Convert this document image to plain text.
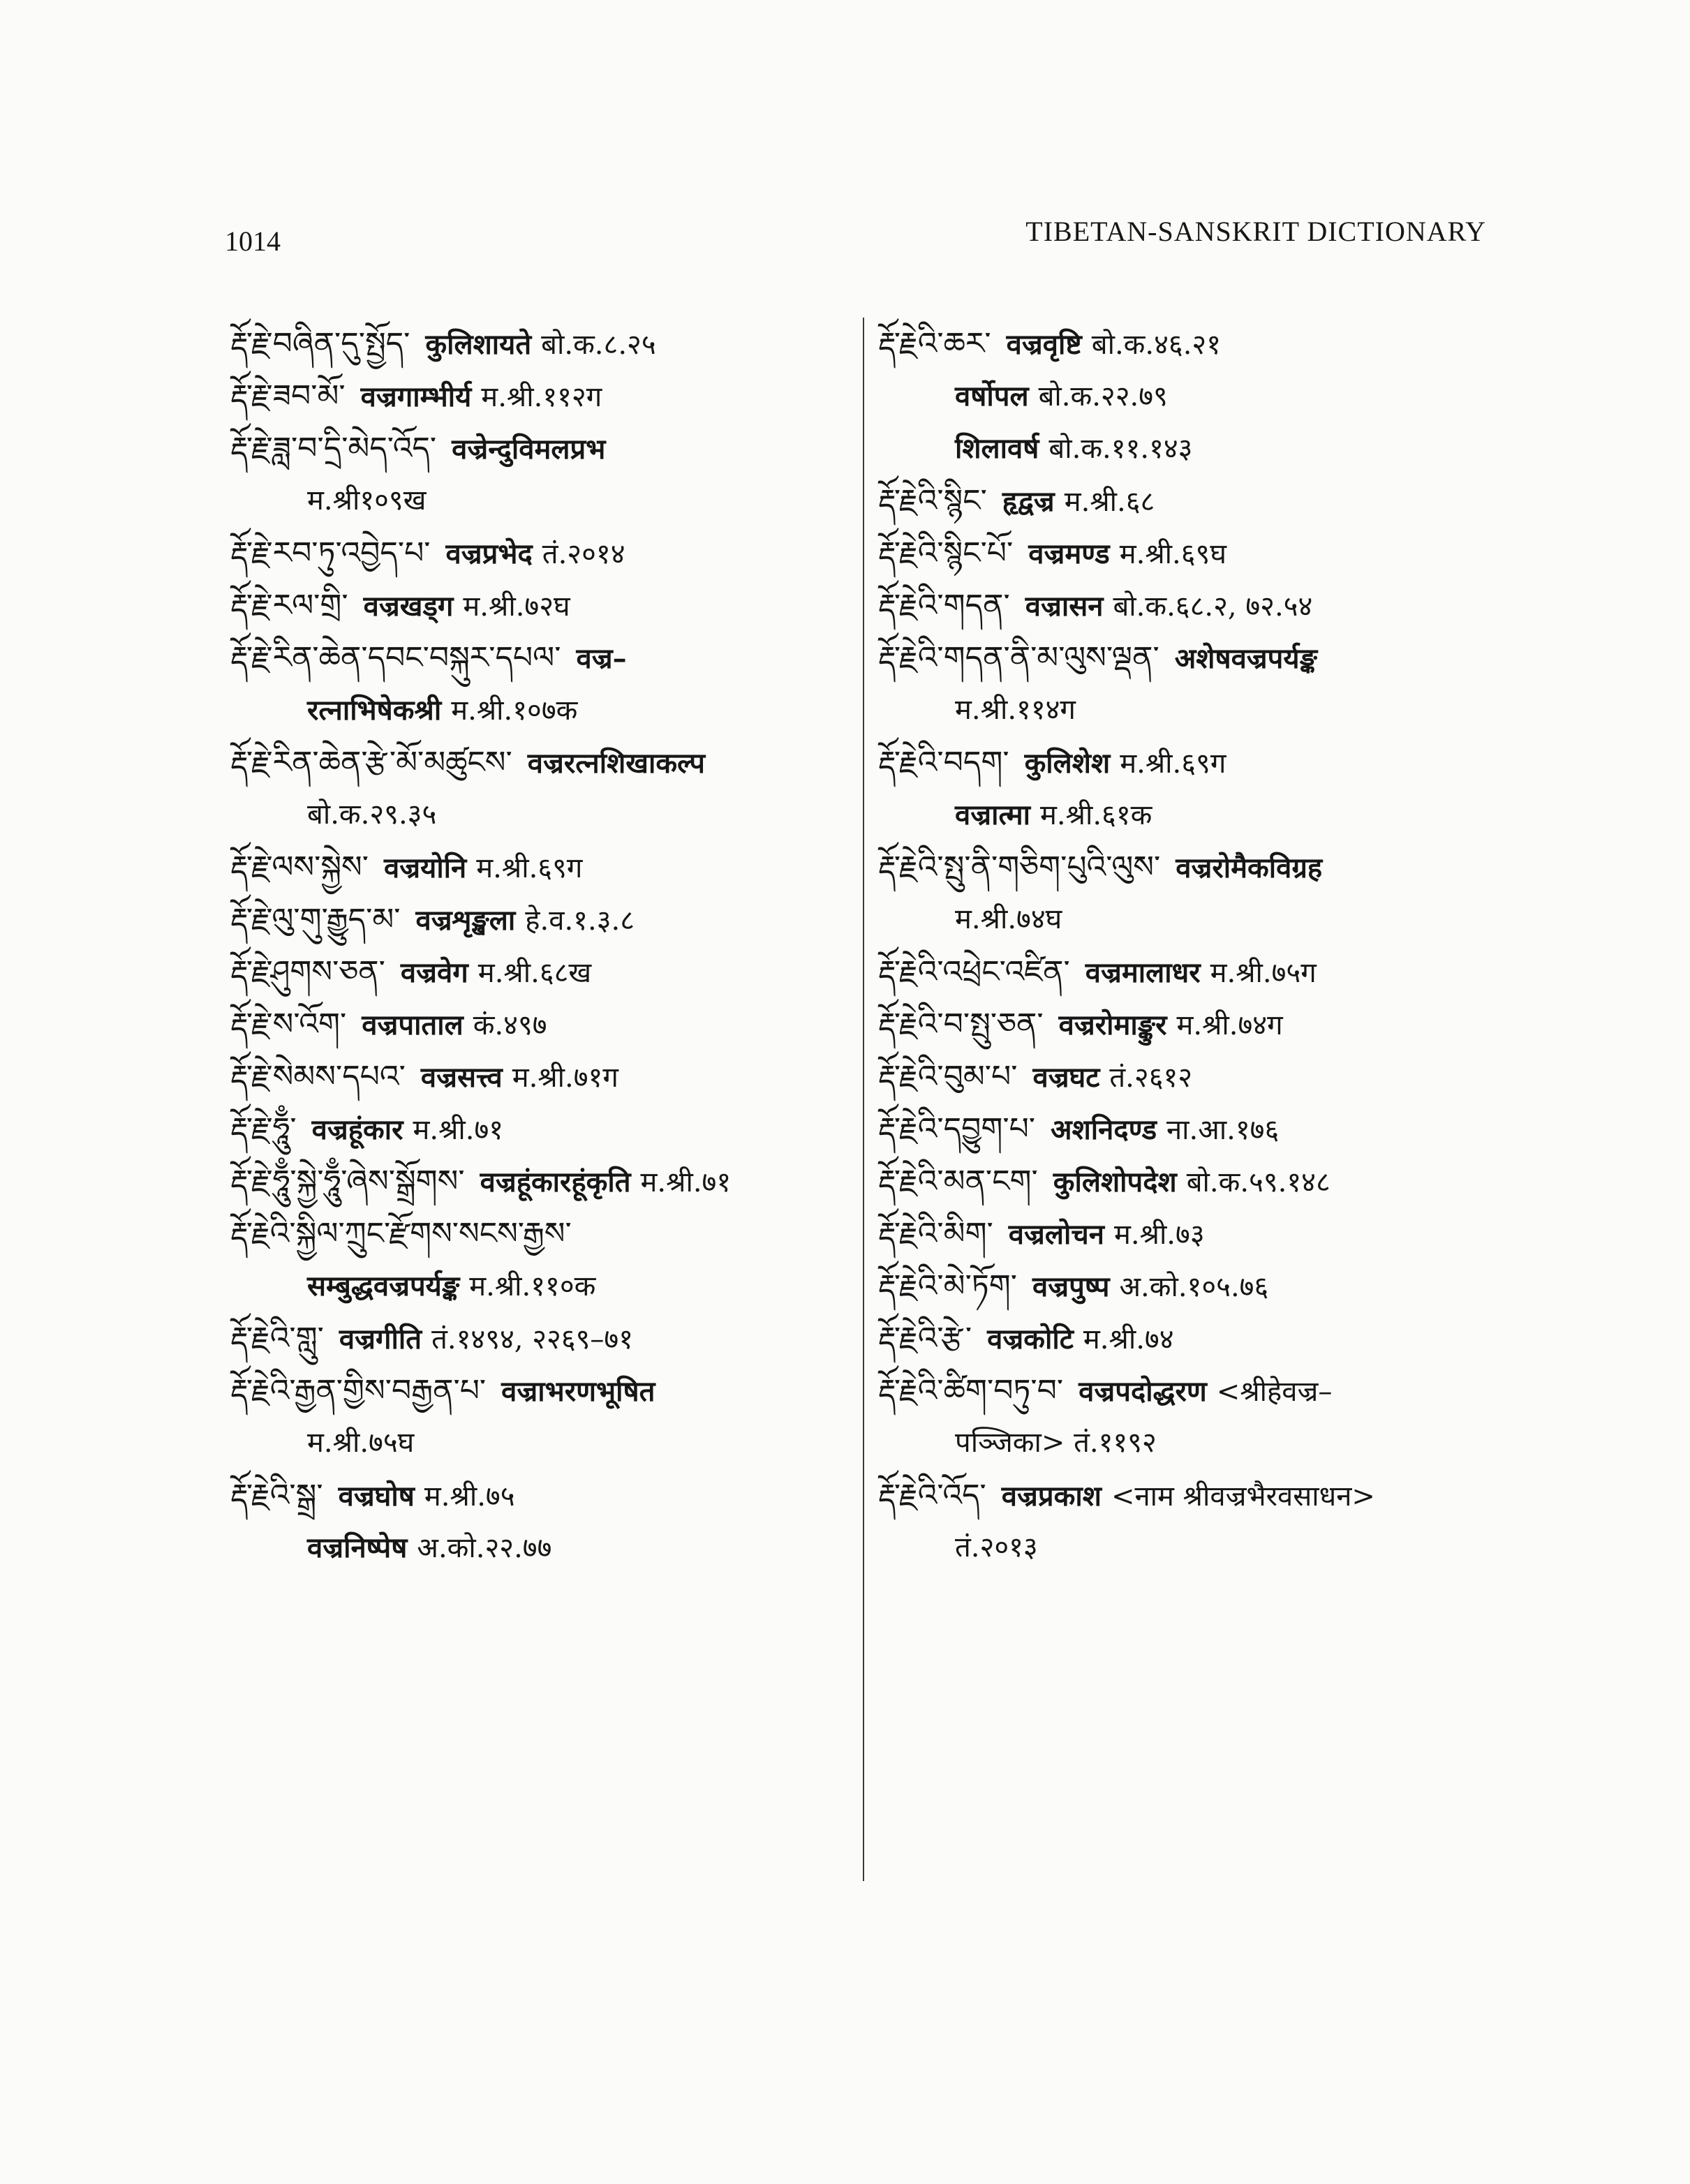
1014	TIBETAN-SANSKRIT DICTIONARY
རྡོ་རྗེ་བཞིན་དུ་སྤྱོད་ कुलिशायते बो.क.८.२५
རྡོ་རྗེ་ཟབ་མོ་ वज्रगाम्भीर्य म.श्री.११२ग
རྡོ་རྗེ་ཟླ་བ་དྲི་མེད་འོད་ वज्रेन्दुविमलप्रभ
म.श्री१०९ख
རྡོ་རྗེ་རབ་ཏུ་འབྱེད་པ་ वज्रप्रभेद तं.२०१४
རྡོ་རྗེ་རལ་གྲི་ वज्रखड्ग म.श्री.७२घ
རྡོ་རྗེ་རིན་ཆེན་དབང་བསྐུར་དཔལ་ वज्र–
रत्नाभिषेकश्री म.श्री.१०७क
རྡོ་རྗེ་རིན་ཆེན་རྩེ་མོ་མཚུངས་ वज्ररत्नशिखाकल्प
बो.क.२९.३५
རྡོ་རྗེ་ལས་སྐྱེས་ वज्रयोनि म.श्री.६९ग
རྡོ་རྗེ་ལུ་གུ་རྒྱུད་མ་ वज्रशृङ्खला हे.व.१.३.८
རྡོ་རྗེ་ཤུགས་ཅན་ वज्रवेग म.श्री.६८ख
རྡོ་རྗེ་ས་འོག་ वज्रपाताल कं.४९७
རྡོ་རྗེ་སེམས་དཔའ་ वज्रसत्त्व म.श्री.७१ग
རྡོ་རྗེ་ཧཱུྃ་ वज्रहूंकार म.श्री.७१
རྡོ་རྗེ་ཧཱུྃ་སྐྱེ་ཧཱུྃ་ཞེས་སྒྲོགས་ वज्रहूंकारहूंकृति म.श्री.७१
རྡོ་རྗེའི་སྐྱིལ་ཀྲུང་རྫོགས་སངས་རྒྱས་
सम्बुद्धवज्रपर्यङ्क म.श्री.११०क
རྡོ་རྗེའི་གླུ་ वज्रगीति तं.१४९४, २२६९–७१
རྡོ་རྗེའི་རྒྱན་གྱིས་བརྒྱན་པ་ वज्राभरणभूषित
म.श्री.७५घ
རྡོ་རྗེའི་སྒྲ་ वज्रघोष म.श्री.७५
वज्रनिष्पेष अ.को.२२.७७
རྡོ་རྗེའི་ཆར་ वज्रवृष्टि बो.क.४६.२१
वर्षोपल बो.क.२२.७९
शिलावर्ष बो.क.११.१४३
རྡོ་རྗེའི་སྙིང་ हृद्वज्र म.श्री.६८
རྡོ་རྗེའི་སྙིང་པོ་ वज्रमण्ड म.श्री.६९घ
རྡོ་རྗེའི་གདན་ वज्रासन बो.क.६८.२, ७२.५४
རྡོ་རྗེའི་གདན་ནི་མ་ལུས་ལྡན་ अशेषवज्रपर्यङ्क
म.श्री.११४ग
རྡོ་རྗེའི་བདག་ कुलिशेश म.श्री.६९ग
वज्रात्मा म.श्री.६१क
རྡོ་རྗེའི་སྤུ་ནི་གཅིག་པུའི་ལུས་ वज्ररोमैकविग्रह
म.श्री.७४घ
རྡོ་རྗེའི་འཕྲེང་འཛིན་ वज्रमालाधर म.श्री.७५ग
རྡོ་རྗེའི་བ་སྤུ་ཅན་ वज्ररोमाङ्कुर म.श्री.७४ग
རྡོ་རྗེའི་བུམ་པ་ वज्रघट तं.२६१२
རྡོ་རྗེའི་དབྱུག་པ་ अशनिदण्ड ना.आ.१७६
རྡོ་རྗེའི་མན་ངག་ कुलिशोपदेश बो.क.५९.१४८
རྡོ་རྗེའི་མིག་ वज्रलोचन म.श्री.७३
རྡོ་རྗེའི་མེ་ཏོག་ वज्रपुष्प अ.को.१०५.७६
རྡོ་རྗེའི་རྩེ་ वज्रकोटि म.श्री.७४
རྡོ་རྗེའི་ཚིག་བཏུ་བ་ वज्रपदोद्धरण <श्रीहेवज्र–
पञ्जिका> तं.११९२
རྡོ་རྗེའི་འོད་ वज्रप्रकाश <नाम श्रीवज्रभैरवसाधन>
तं.२०१३
